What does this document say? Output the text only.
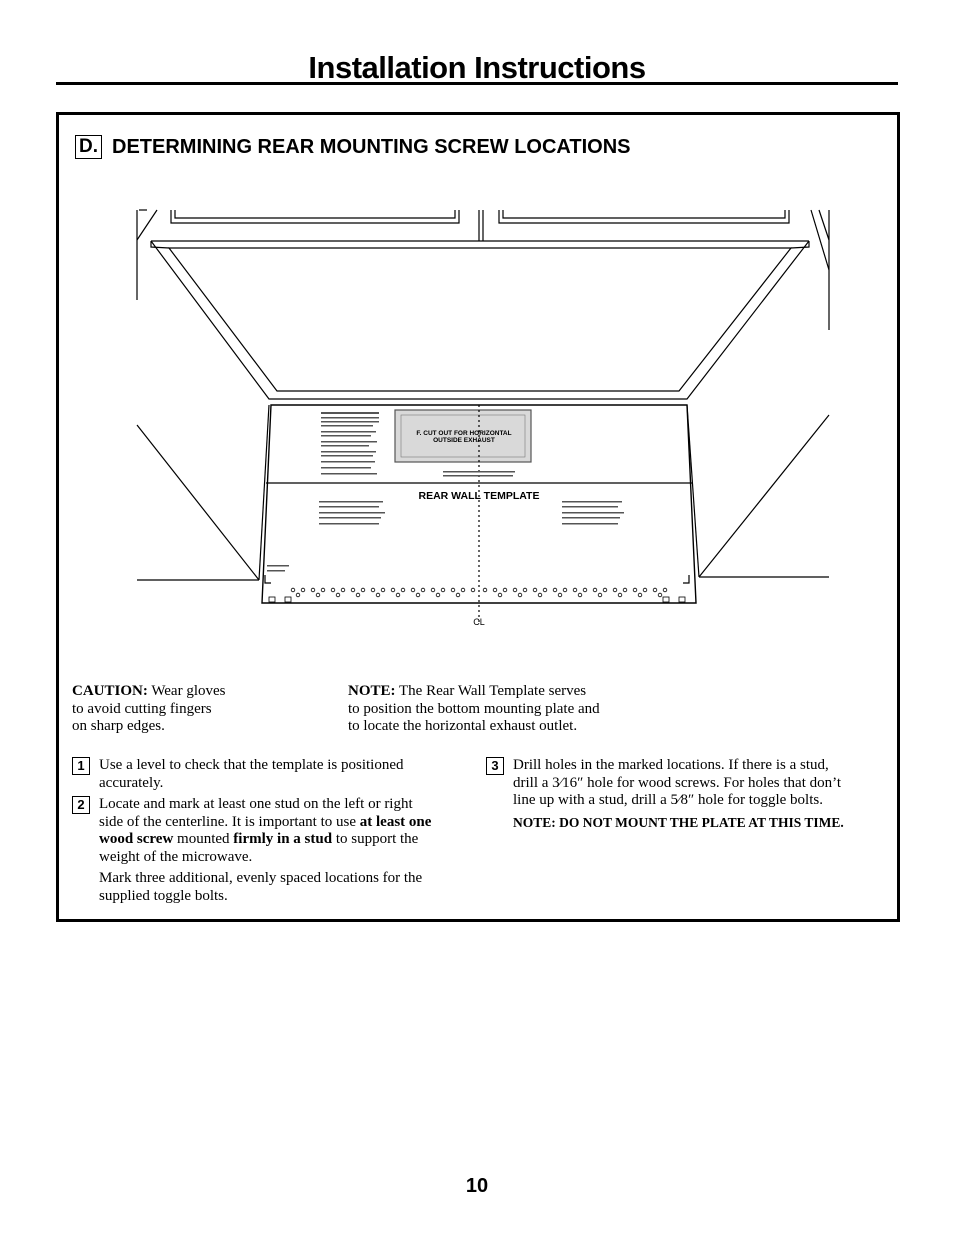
Installation Instructions
D. DETERMINING REAR MOUNTING SCREW LOCATIONS
F. CUT OUT FOR HORIZONTAL
OUTSIDE EXHAUST
REAR WALL TEMPLATE
CL
CAUTION: Wear gloves
to avoid cutting fingers
on sharp edges.
NOTE: The Rear Wall Template serves
to position the bottom mounting plate and
to locate the horizontal exhaust outlet.
1 Use a level to check that the template is positioned
accurately.
2 Locate and mark at least one stud on the left or right
side of the centerline. It is important to use at least one
wood screw mounted firmly in a stud to support the
weight of the microwave.
Mark three additional, evenly spaced locations for the
supplied toggle bolts.
3 Drill holes in the marked locations. If there is a stud,
drill a 3⁄16″ hole for wood screws. For holes that don’t
line up with a stud, drill a 5⁄8″ hole for toggle bolts.
NOTE: DO NOT MOUNT THE PLATE AT THIS TIME.
10
